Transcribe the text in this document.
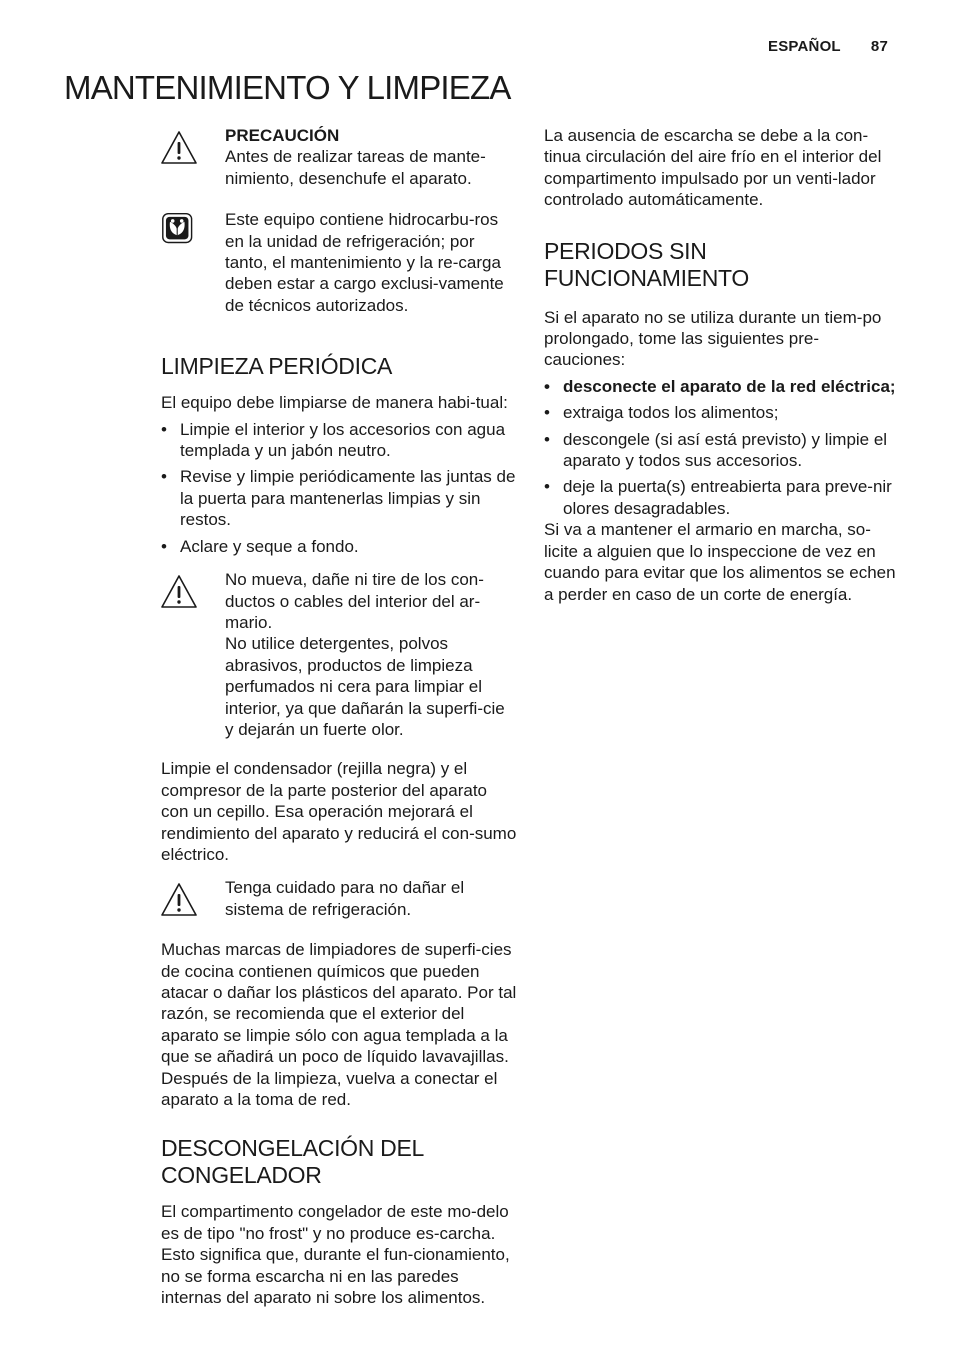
ESPAÑOL 87
MANTENIMIENTO Y LIMPIEZA

PRECAUCIÓN

Antes de realizar tareas de mante-nimiento, desenchufe el aparato.

Este equipo contiene hidrocarbu-ros en la unidad de refrigeración; por tanto, el mantenimiento y la re-carga deben estar a cargo exclusi-vamente de técnicos autorizados.

LIMPIEZA PERIÓDICA

El equipo debe limpiarse de manera habi-tual:

• Limpie el interior y los accesorios con agua templada y un jabón neutro.
• Revise y limpie periódicamente las juntas de la puerta para mantenerlas limpias y sin restos.
• Aclare y seque a fondo.

No mueva, dañe ni tire de los con-ductos o cables del interior del ar-mario.

No utilice detergentes, polvos abrasivos, productos de limpieza perfumados ni cera para limpiar el interior, ya que dañarán la superfi-cie y dejarán un fuerte olor.

Limpie el condensador (rejilla negra) y el compresor de la parte posterior del aparato con un cepillo. Esa operación mejorará el rendimiento del aparato y reducirá el con-sumo eléctrico.

Tenga cuidado para no dañar el sistema de refrigeración.

Muchas marcas de limpiadores de superfi-cies de cocina contienen químicos que pueden atacar o dañar los plásticos del aparato. Por tal razón, se recomienda que el exterior del aparato se limpie sólo con agua templada a la que se añadirá un poco de líquido lavavajillas.

Después de la limpieza, vuelva a conectar el aparato a la toma de red.

DESCONGELACIÓN DEL CONGELADOR

El compartimento congelador de este mo-delo es de tipo "no frost" y no produce es-carcha. Esto significa que, durante el fun-cionamiento, no se forma escarcha ni en las paredes internas del aparato ni sobre los alimentos.

La ausencia de escarcha se debe a la con-tinua circulación del aire frío en el interior del compartimento impulsado por un venti-lador controlado automáticamente.

PERIODOS SIN FUNCIONAMIENTO

Si el aparato no se utiliza durante un tiem-po prolongado, tome las siguientes pre-cauciones:

• desconecte el aparato de la red eléctrica;
• extraiga todos los alimentos;
• descongele (si así está previsto) y limpie el aparato y todos sus accesorios.
• deje la puerta(s) entreabierta para preve-nir olores desagradables.

Si va a mantener el armario en marcha, so-licite a alguien que lo inspeccione de vez en cuando para evitar que los alimentos se echen a perder en caso de un corte de energía.
